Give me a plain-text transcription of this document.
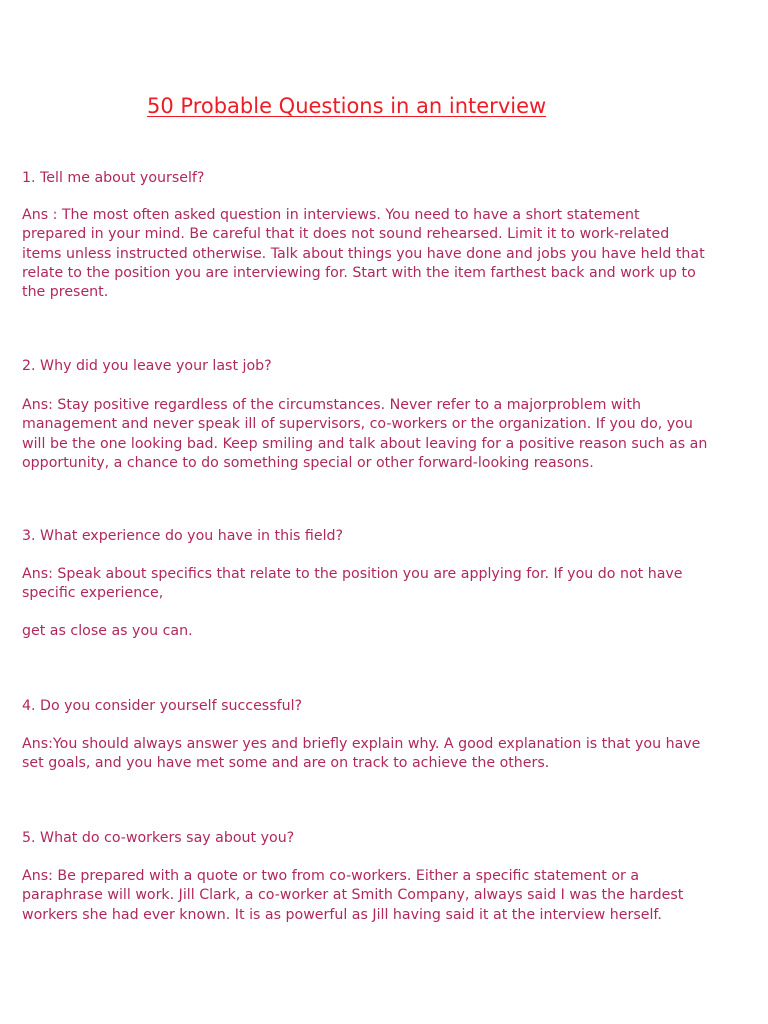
50 Probable Questions in an interview

1. Tell me about yourself?

Ans : The most often asked question in interviews. You need to have a short statement
prepared in your mind. Be careful that it does not sound rehearsed. Limit it to work-related
items unless instructed otherwise. Talk about things you have done and jobs you have held that
relate to the position you are interviewing for. Start with the item farthest back and work up to
the present.

2. Why did you leave your last job?

Ans: Stay positive regardless of the circumstances. Never refer to a majorproblem with
management and never speak ill of supervisors, co-workers or the organization. If you do, you
will be the one looking bad. Keep smiling and talk about leaving for a positive reason such as an
opportunity, a chance to do something special or other forward-looking reasons.

3. What experience do you have in this field?

Ans: Speak about specifics that relate to the position you are applying for. If you do not have
specific experience,

get as close as you can.

4. Do you consider yourself successful?

Ans:You should always answer yes and briefly explain why. A good explanation is that you have
set goals, and you have met some and are on track to achieve the others.

5. What do co-workers say about you?

Ans: Be prepared with a quote or two from co-workers. Either a specific statement or a
paraphrase will work. Jill Clark, a co-worker at Smith Company, always said I was the hardest
workers she had ever known. It is as powerful as Jill having said it at the interview herself.
